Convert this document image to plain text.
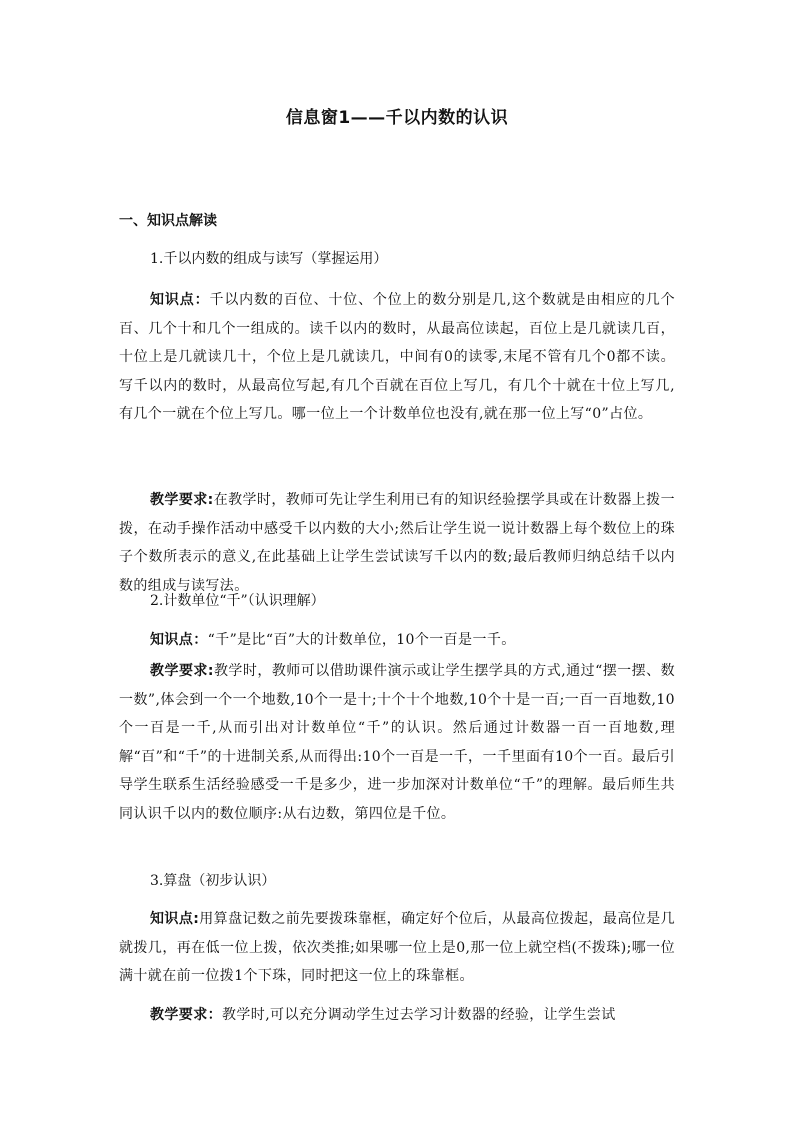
信息窗1——千以内数的认识
一、知识点解读
1.千以内数的组成与读写（掌握运用）
知识点：千以内数的百位、十位、个位上的数分别是几,这个数就是由相应的几个百、几个十和几个一组成的。读千以内的数时，从最高位读起，百位上是几就读几百，十位上是几就读几十，个位上是几就读几，中间有0的读零,末尾不管有几个0都不读。写千以内的数时，从最高位写起,有几个百就在百位上写几，有几个十就在十位上写几,有几个一就在个位上写几。哪一位上一个计数单位也没有,就在那一位上写“0”占位。
教学要求:在教学时，教师可先让学生利用已有的知识经验摆学具或在计数器上拨一拨，在动手操作活动中感受千以内数的大小;然后让学生说一说计数器上每个数位上的珠子个数所表示的意义,在此基础上让学生尝试读写千以内的数;最后教师归纳总结千以内数的组成与读写法。
2.计数单位“千”（认识理解）
知识点：“千”是比“百”大的计数单位，10个一百是一千。
教学要求:教学时，教师可以借助课件演示或让学生摆学具的方式,通过“摆一摆、数一数”,体会到一个一个地数,10个一是十;十个十个地数,10个十是一百;一百一百地数,10个一百是一千,从而引出对计数单位“千”的认识。然后通过计数器一百一百地数,理解“百”和“千”的十进制关系,从而得出:10个一百是一千，一千里面有10个一百。最后引导学生联系生活经验感受一千是多少，进一步加深对计数单位“千”的理解。最后师生共同认识千以内的数位顺序:从右边数，第四位是千位。
3.算盘（初步认识）
知识点:用算盘记数之前先要拨珠靠框，确定好个位后，从最高位拨起，最高位是几就拨几，再在低一位上拨，依次类推;如果哪一位上是0,那一位上就空档(不拨珠);哪一位满十就在前一位拨1个下珠，同时把这一位上的珠靠框。
教学要求：教学时,可以充分调动学生过去学习计数器的经验，让学生尝试
